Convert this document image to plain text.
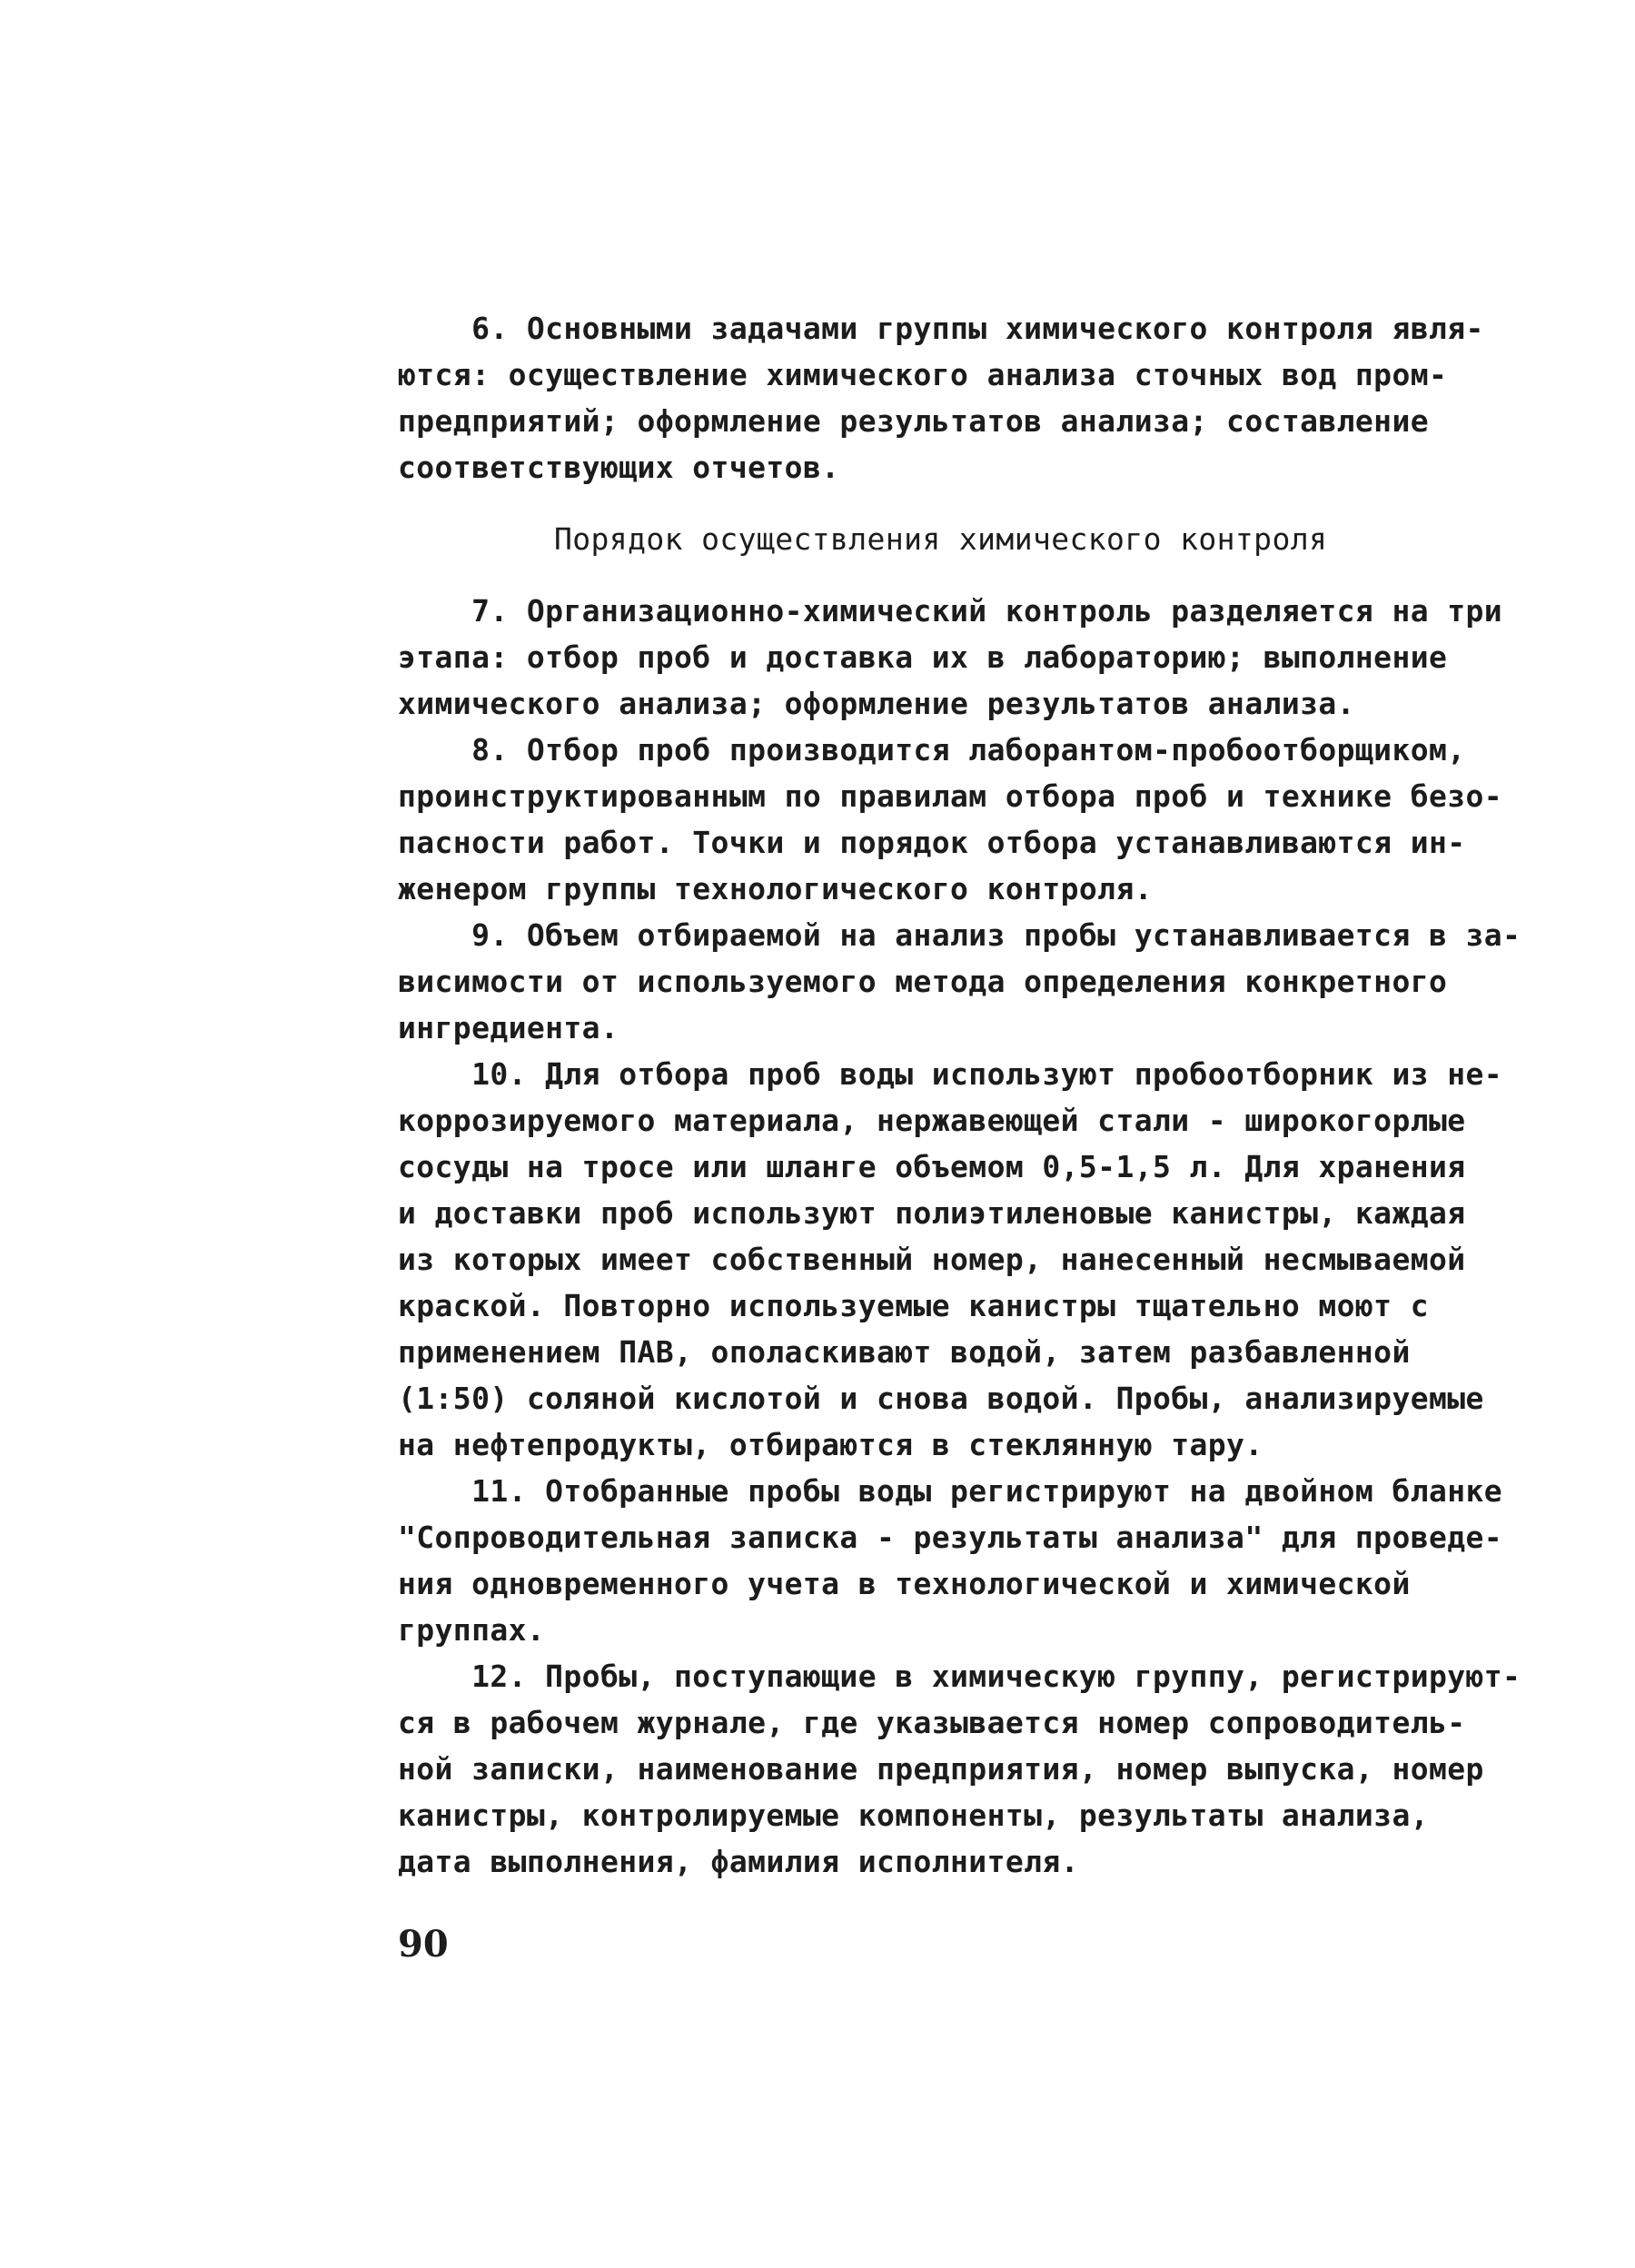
6. Основными задачами группы химического контроля явля-
ются: осуществление химического анализа сточных вод пром-
предприятий; оформление результатов анализа; составление
соответствующих отчетов.
Порядок осуществления химического контроля
7. Организационно-химический контроль разделяется на три
этапа: отбор проб и доставка их в лабораторию; выполнение
химического анализа; оформление результатов анализа.
8. Отбор проб производится лаборантом-пробоотборщиком,
проинструктированным по правилам отбора проб и технике безо-
пасности работ. Точки и порядок отбора устанавливаются ин-
женером группы технологического контроля.
9. Объем отбираемой на анализ пробы устанавливается в за-
висимости от используемого метода определения конкретного
ингредиента.
10. Для отбора проб воды используют пробоотборник из не-
коррозируемого материала, нержавеющей стали - широкогорлые
сосуды на тросе или шланге объемом 0,5-1,5 л. Для хранения
и доставки проб используют полиэтиленовые канистры, каждая
из которых имеет собственный номер, нанесенный несмываемой
краской. Повторно используемые канистры тщательно моют с
применением ПАВ, ополаскивают водой, затем разбавленной
(1:50) соляной кислотой и снова водой. Пробы, анализируемые
на нефтепродукты, отбираются в стеклянную тару.
11. Отобранные пробы воды регистрируют на двойном бланке
"Сопроводительная записка - результаты анализа" для проведе-
ния одновременного учета в технологической и химической
группах.
12. Пробы, поступающие в химическую группу, регистрируют-
ся в рабочем журнале, где указывается номер сопроводитель-
ной записки, наименование предприятия, номер выпуска, номер
канистры, контролируемые компоненты, результаты анализа,
дата выполнения, фамилия исполнителя.
90
